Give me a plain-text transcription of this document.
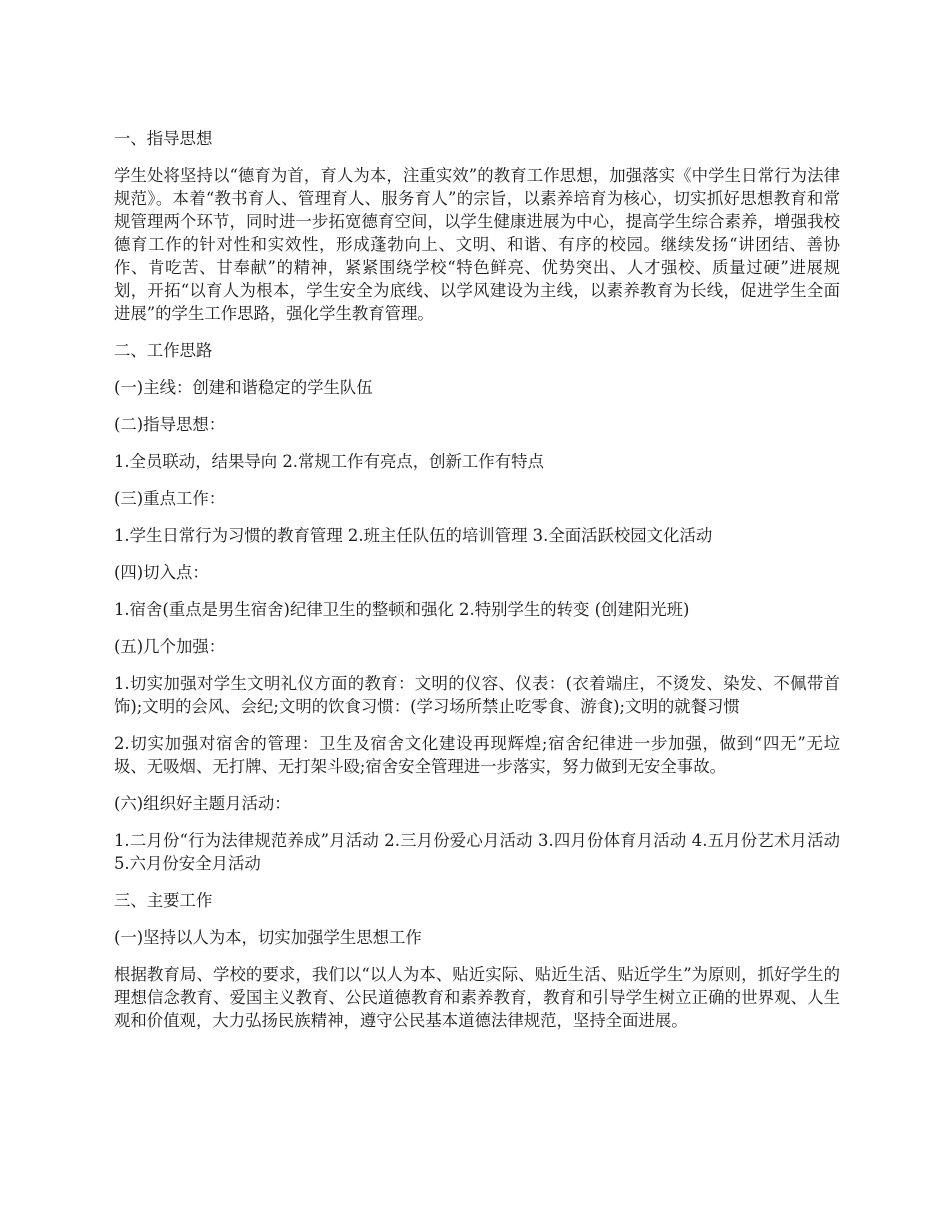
一、指导思想

学生处将坚持以“德育为首，育人为本，注重实效”的教育工作思想，加强落实《中学生日常行为法律规范》。本着“教书育人、管理育人、服务育人”的宗旨，以素养培育为核心，切实抓好思想教育和常规管理两个环节，同时进一步拓宽德育空间，以学生健康进展为中心，提高学生综合素养，增强我校德育工作的针对性和实效性，形成蓬勃向上、文明、和谐、有序的校园。继续发扬“讲团结、善协作、肯吃苦、甘奉献”的精神，紧紧围绕学校“特色鲜亮、优势突出、人才强校、质量过硬”进展规划，开拓“以育人为根本，学生安全为底线、以学风建设为主线，以素养教育为长线，促进学生全面进展”的学生工作思路，强化学生教育管理。

二、工作思路

(一)主线：创建和谐稳定的学生队伍

(二)指导思想：

1.全员联动，结果导向 2.常规工作有亮点，创新工作有特点

(三)重点工作：

1.学生日常行为习惯的教育管理 2.班主任队伍的培训管理 3.全面活跃校园文化活动

(四)切入点：

1.宿舍(重点是男生宿舍)纪律卫生的整顿和强化 2.特别学生的转变 (创建阳光班)

(五)几个加强：

1.切实加强对学生文明礼仪方面的教育：文明的仪容、仪表：(衣着端庄，不烫发、染发、不佩带首饰);文明的会风、会纪;文明的饮食习惯：(学习场所禁止吃零食、游食);文明的就餐习惯

2.切实加强对宿舍的管理：卫生及宿舍文化建设再现辉煌;宿舍纪律进一步加强，做到“四无”无垃圾、无吸烟、无打牌、无打架斗殴;宿舍安全管理进一步落实，努力做到无安全事故。

(六)组织好主题月活动：

1.二月份“行为法律规范养成”月活动 2.三月份爱心月活动 3.四月份体育月活动 4.五月份艺术月活动 5.六月份安全月活动

三、主要工作

(一)坚持以人为本，切实加强学生思想工作

根据教育局、学校的要求，我们以“以人为本、贴近实际、贴近生活、贴近学生”为原则，抓好学生的理想信念教育、爱国主义教育、公民道德教育和素养教育，教育和引导学生树立正确的世界观、人生观和价值观，大力弘扬民族精神，遵守公民基本道德法律规范，坚持全面进展。
